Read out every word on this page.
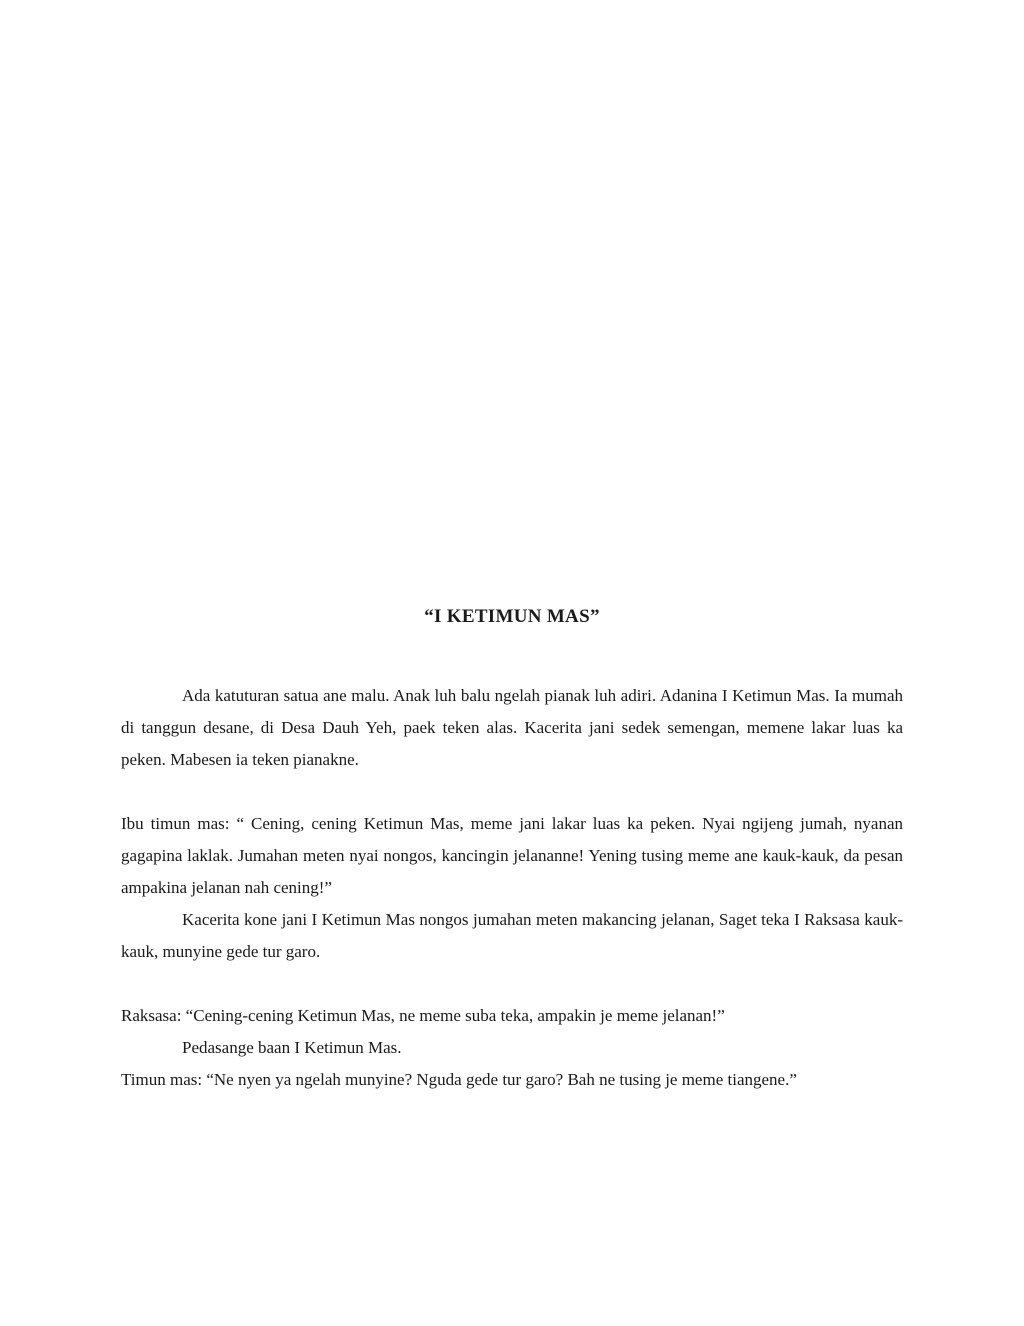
“I KETIMUN MAS”

Ada katuturan satua ane malu. Anak luh balu ngelah pianak luh adiri. Adanina I Ketimun Mas. Ia mumah di tanggun desane, di Desa Dauh Yeh, paek teken alas. Kacerita jani sedek semengan, memene lakar luas ka peken. Mabesen ia teken pianakne.

Ibu timun mas: “ Cening, cening Ketimun Mas, meme jani lakar luas ka peken. Nyai ngijeng jumah, nyanan gagapina laklak. Jumahan meten nyai nongos, kancingin jelananne! Yening tusing meme ane kauk-kauk, da pesan ampakina jelanan nah cening!”

Kacerita kone jani I Ketimun Mas nongos jumahan meten makancing jelanan, Saget teka I Raksasa kauk-kauk, munyine gede tur garo.

Raksasa: “Cening-cening Ketimun Mas, ne meme suba teka, ampakin je meme jelanan!”

Pedasange baan I Ketimun Mas.

Timun mas: “Ne nyen ya ngelah munyine? Nguda gede tur garo? Bah ne tusing je meme tiangene.”
